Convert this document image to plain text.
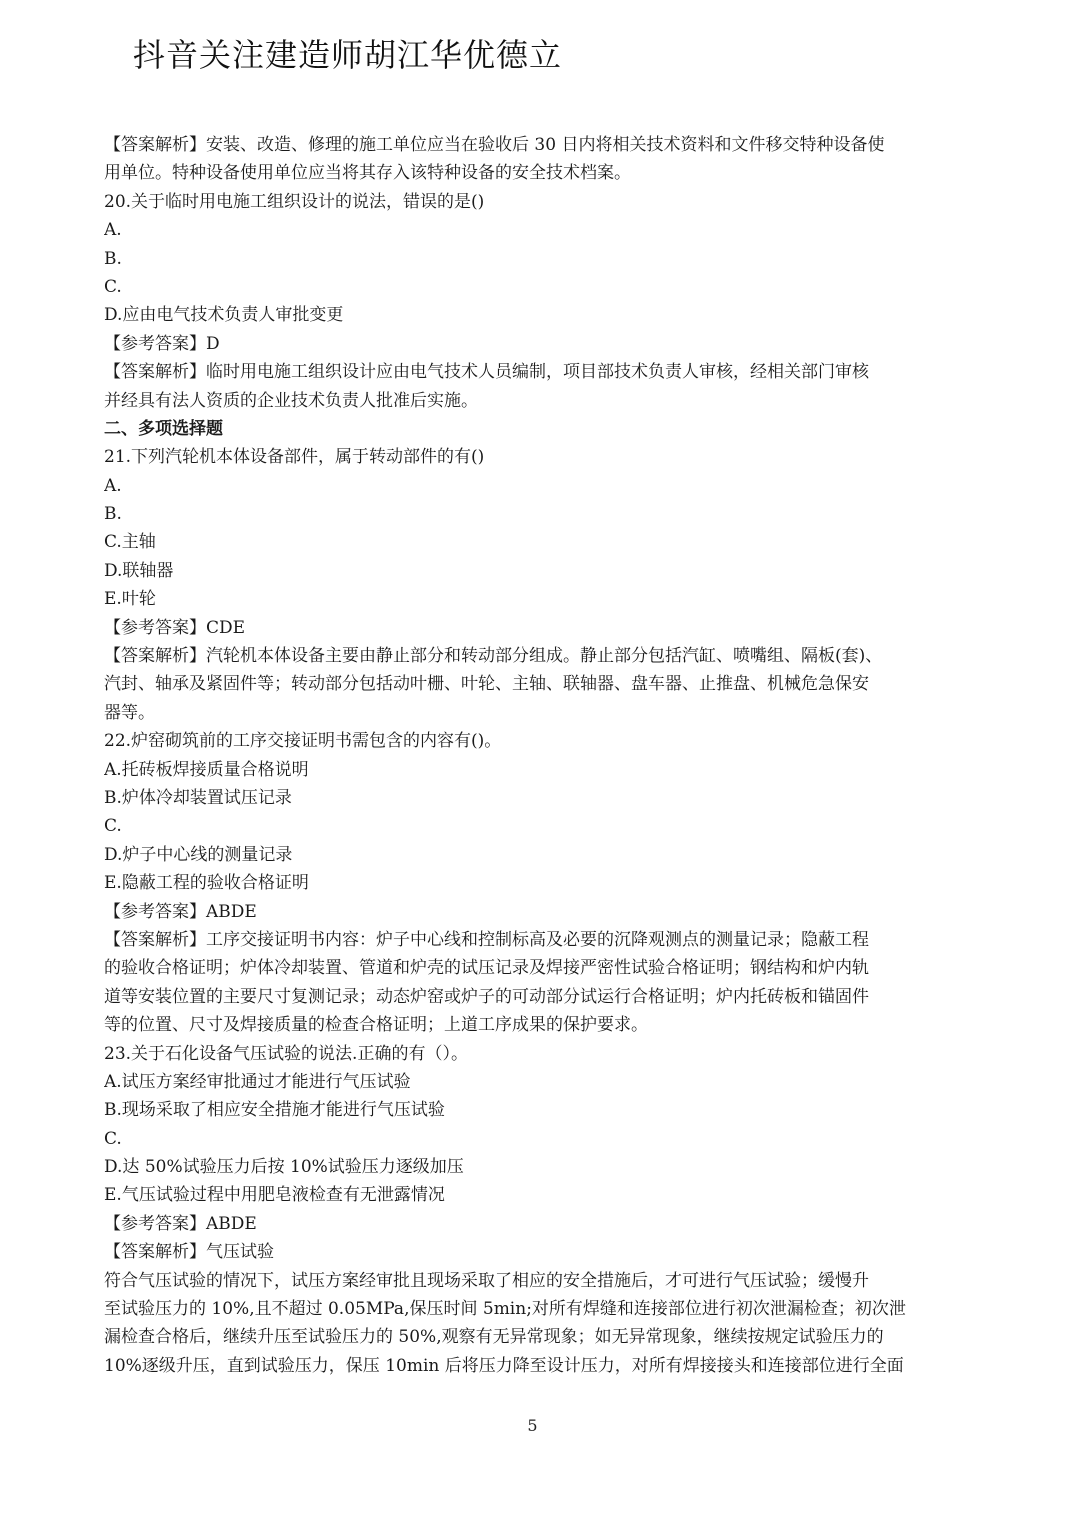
抖音关注建造师胡江华优德立
【答案解析】安装、改造、修理的施工单位应当在验收后 30 日内将相关技术资料和文件移交特种设备使
用单位。特种设备使用单位应当将其存入该特种设备的安全技术档案。
20.关于临时用电施工组织设计的说法，错误的是()
A.
B.
C.
D.应由电气技术负责人审批变更
【参考答案】D
【答案解析】临时用电施工组织设计应由电气技术人员编制，项目部技术负责人审核，经相关部门审核
并经具有法人资质的企业技术负责人批准后实施。
二、多项选择题
21.下列汽轮机本体设备部件，属于转动部件的有()
A.
B.
C.主轴
D.联轴器
E.叶轮
【参考答案】CDE
【答案解析】汽轮机本体设备主要由静止部分和转动部分组成。静止部分包括汽缸、喷嘴组、隔板(套)、
汽封、轴承及紧固件等；转动部分包括动叶栅、叶轮、主轴、联轴器、盘车器、止推盘、机械危急保安
器等。
22.炉窑砌筑前的工序交接证明书需包含的内容有()。
A.托砖板焊接质量合格说明
B.炉体冷却装置试压记录
C.
D.炉子中心线的测量记录
E.隐蔽工程的验收合格证明
【参考答案】ABDE
【答案解析】工序交接证明书内容：炉子中心线和控制标高及必要的沉降观测点的测量记录；隐蔽工程
的验收合格证明；炉体冷却装置、管道和炉壳的试压记录及焊接严密性试验合格证明；钢结构和炉内轨
道等安装位置的主要尺寸复测记录；动态炉窑或炉子的可动部分试运行合格证明；炉内托砖板和锚固件
等的位置、尺寸及焊接质量的检查合格证明；上道工序成果的保护要求。
23.关于石化设备气压试验的说法.正确的有（）。
A.试压方案经审批通过才能进行气压试验
B.现场采取了相应安全措施才能进行气压试验
C.
D.达 50%试验压力后按 10%试验压力逐级加压
E.气压试验过程中用肥皂液检查有无泄露情况
【参考答案】ABDE
【答案解析】气压试验
符合气压试验的情况下，试压方案经审批且现场采取了相应的安全措施后，才可进行气压试验；缓慢升
至试验压力的 10%,且不超过 0.05MPa,保压时间 5min;对所有焊缝和连接部位进行初次泄漏检查；初次泄
漏检查合格后，继续升压至试验压力的 50%,观察有无异常现象；如无异常现象，继续按规定试验压力的
10%逐级升压，直到试验压力，保压 10min 后将压力降至设计压力，对所有焊接接头和连接部位进行全面
5
